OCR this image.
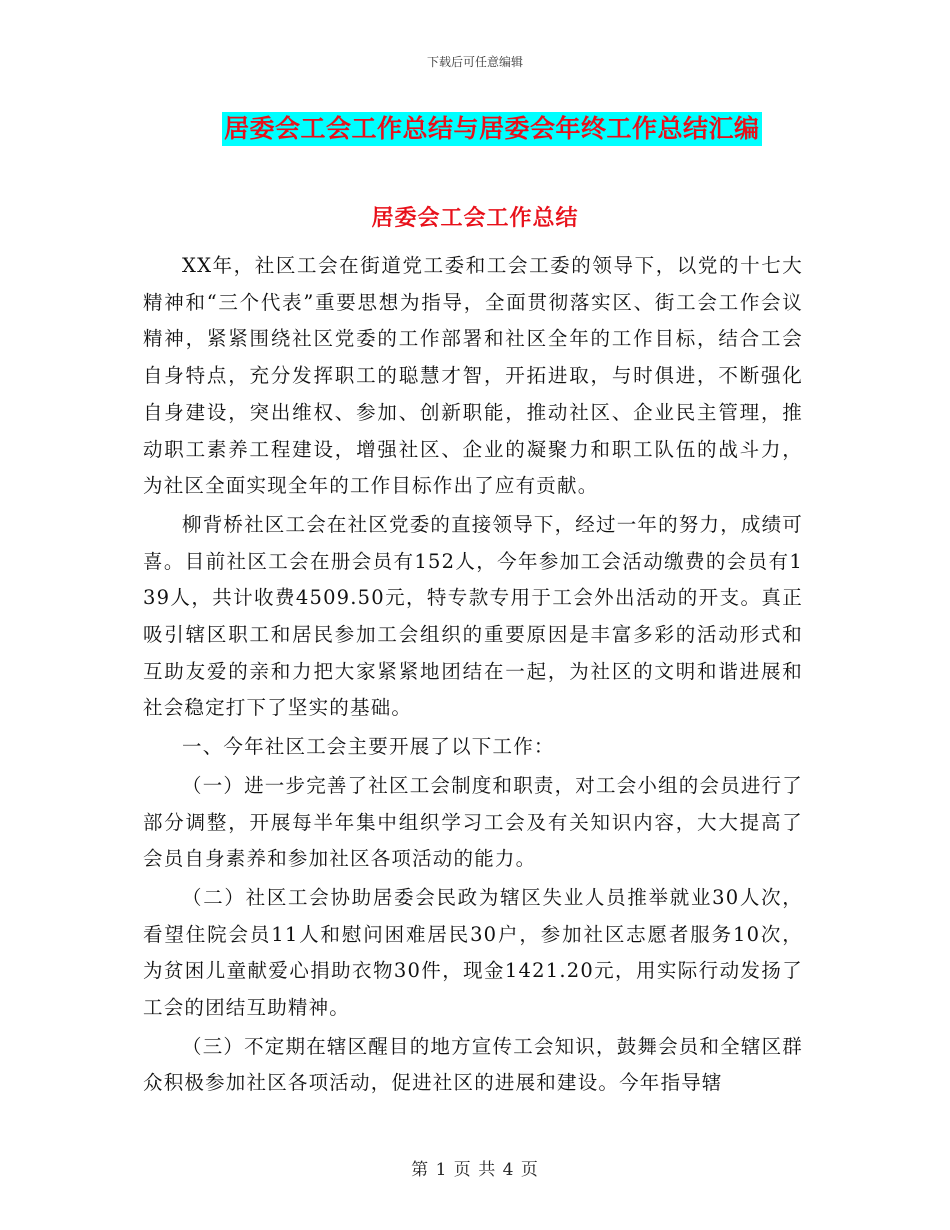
下载后可任意编辑
居委会工会工作总结与居委会年终工作总结汇编
居委会工会工作总结

XX年，社区工会在街道党工委和工会工委的领导下，以党的十七大精神和“三个代表”重要思想为指导，全面贯彻落实区、街工会工作会议精神，紧紧围绕社区党委的工作部署和社区全年的工作目标，结合工会自身特点，充分发挥职工的聪慧才智，开拓进取，与时俱进，不断强化自身建设，突出维权、参加、创新职能，推动社区、企业民主管理，推动职工素养工程建设，增强社区、企业的凝聚力和职工队伍的战斗力，为社区全面实现全年的工作目标作出了应有贡献。

柳背桥社区工会在社区党委的直接领导下，经过一年的努力，成绩可喜。目前社区工会在册会员有152人，今年参加工会活动缴费的会员有139人，共计收费4509.50元，特专款专用于工会外出活动的开支。真正吸引辖区职工和居民参加工会组织的重要原因是丰富多彩的活动形式和互助友爱的亲和力把大家紧紧地团结在一起，为社区的文明和谐进展和社会稳定打下了坚实的基础。

一、今年社区工会主要开展了以下工作：

（一）进一步完善了社区工会制度和职责，对工会小组的会员进行了部分调整，开展每半年集中组织学习工会及有关知识内容，大大提高了会员自身素养和参加社区各项活动的能力。

（二）社区工会协助居委会民政为辖区失业人员推举就业30人次，看望住院会员11人和慰问困难居民30户，参加社区志愿者服务10次，为贫困儿童献爱心捐助衣物30件，现金1421.20元，用实际行动发扬了工会的团结互助精神。

（三）不定期在辖区醒目的地方宣传工会知识，鼓舞会员和全辖区群众积极参加社区各项活动，促进社区的进展和建设。今年指导辖

第 1 页 共 4 页
